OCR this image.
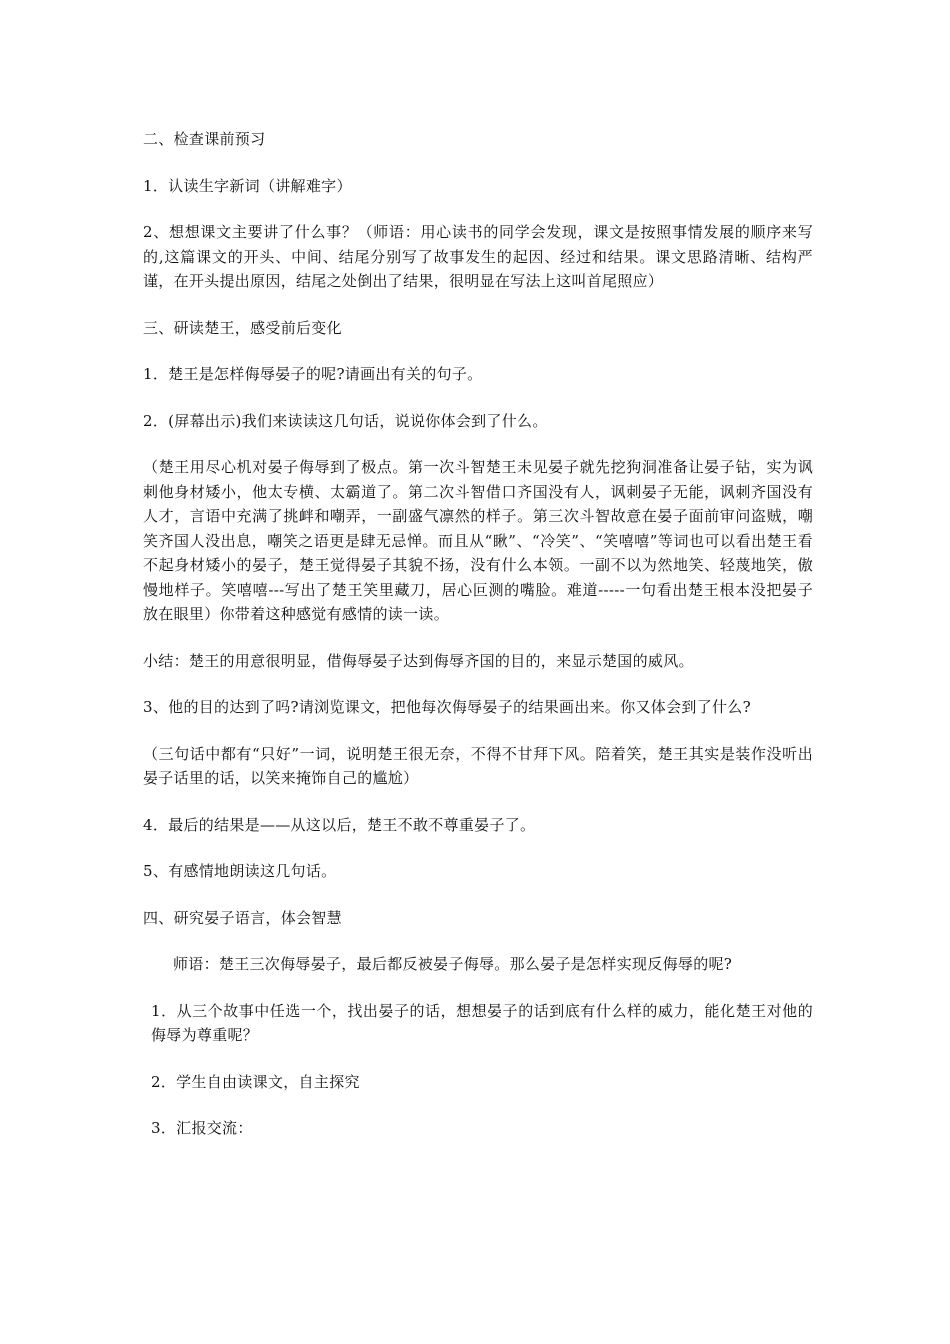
二、检查课前预习

1．认读生字新词（讲解难字）

2、想想课文主要讲了什么事？（师语：用心读书的同学会发现，课文是按照事情发展的顺序来写的,这篇课文的开头、中间、结尾分别写了故事发生的起因、经过和结果。课文思路清晰、结构严谨，在开头提出原因，结尾之处倒出了结果，很明显在写法上这叫首尾照应）

三、研读楚王，感受前后变化

1．楚王是怎样侮辱晏子的呢?请画出有关的句子。

2．(屏幕出示)我们来读读这几句话，说说你体会到了什么。

（楚王用尽心机对晏子侮辱到了极点。第一次斗智楚王未见晏子就先挖狗洞准备让晏子钻，实为讽刺他身材矮小，他太专横、太霸道了。第二次斗智借口齐国没有人，讽刺晏子无能，讽刺齐国没有人才，言语中充满了挑衅和嘲弄，一副盛气凛然的样子。第三次斗智故意在晏子面前审问盗贼，嘲笑齐国人没出息，嘲笑之语更是肆无忌惮。而且从“瞅”、“冷笑”、“笑嘻嘻”等词也可以看出楚王看不起身材矮小的晏子，楚王觉得晏子其貌不扬，没有什么本领。一副不以为然地笑、轻蔑地笑，傲慢地样子。笑嘻嘻---写出了楚王笑里藏刀，居心叵测的嘴脸。难道-----一句看出楚王根本没把晏子放在眼里）你带着这种感觉有感情的读一读。

小结：楚王的用意很明显，借侮辱晏子达到侮辱齐国的目的，来显示楚国的威风。

3、他的目的达到了吗?请浏览课文，把他每次侮辱晏子的结果画出来。你又体会到了什么?

（三句话中都有“只好”一词，说明楚王很无奈，不得不甘拜下风。陪着笑，楚王其实是装作没听出晏子话里的话，以笑来掩饰自己的尴尬）

4．最后的结果是——从这以后，楚王不敢不尊重晏子了。

5、有感情地朗读这几句话。

四、研究晏子语言，体会智慧

师语：楚王三次侮辱晏子，最后都反被晏子侮辱。那么晏子是怎样实现反侮辱的呢?

1．从三个故事中任选一个，找出晏子的话，想想晏子的话到底有什么样的威力，能化楚王对他的侮辱为尊重呢？

2．学生自由读课文，自主探究

3．汇报交流：
